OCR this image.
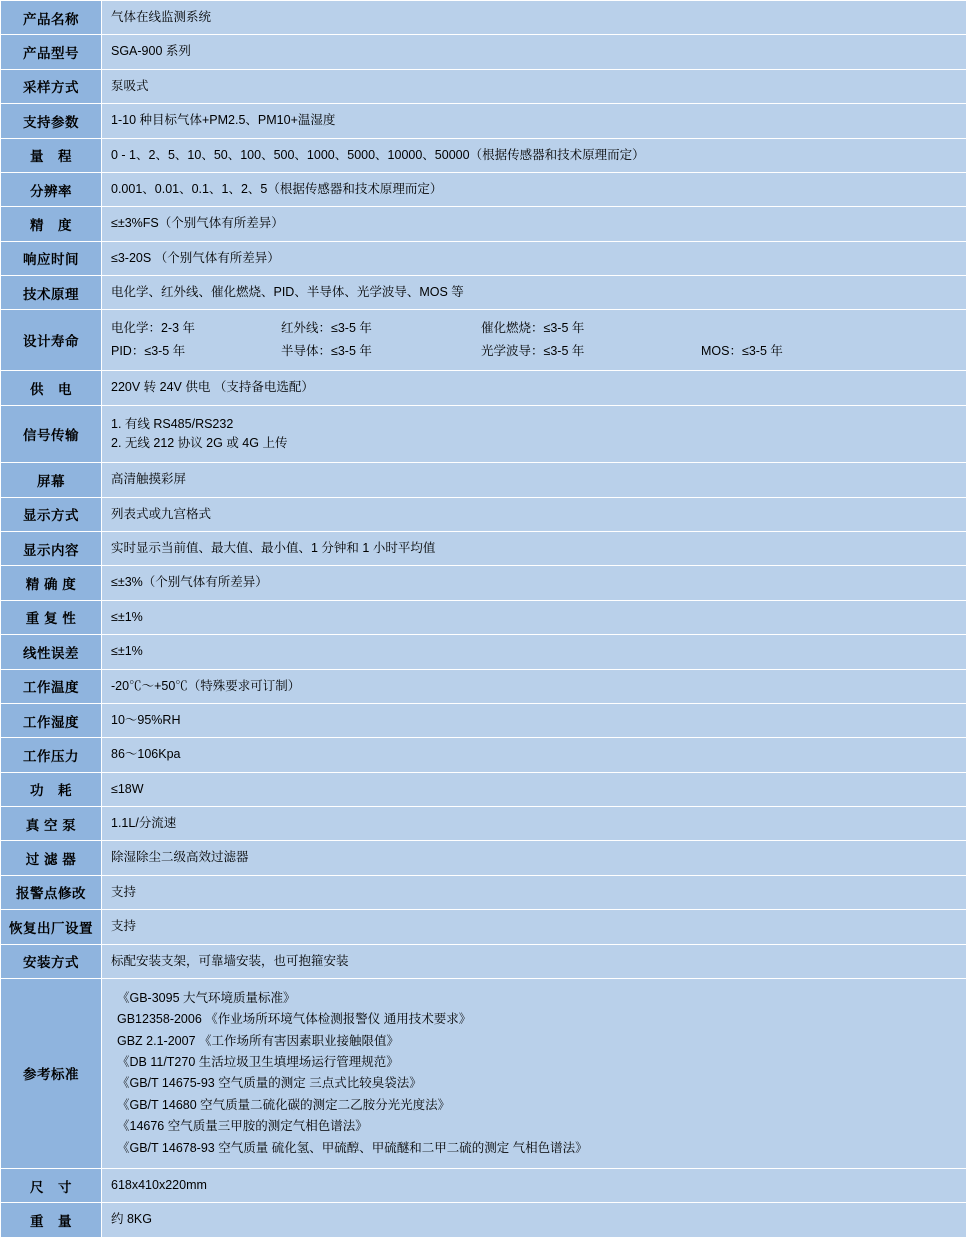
产品名称	气体在线监测系统
产品型号	SGA-900 系列
采样方式	泵吸式
支持参数	1-10 种目标气体+PM2.5、PM10+温湿度
量　程	0 - 1、2、5、10、50、100、500、1000、5000、10000、50000（根据传感器和技术原理而定）
分辨率	0.001、0.01、0.1、1、2、5（根据传感器和技术原理而定）
精　度	≤±3%FS（个别气体有所差异）
响应时间	≤3-20S （个别气体有所差异）
技术原理	电化学、红外线、催化燃烧、PID、半导体、光学波导、MOS 等
设计寿命	
电化学：2-3 年	红外线：≤3-5 年	催化燃烧：≤3-5 年
PID：≤3-5 年	半导体：≤3-5 年	光学波导：≤3-5 年	MOS：≤3-5 年

供　电	220V 转 24V 供电 （支持备电选配）
信号传输	1. 有线 RS485/RS232
2. 无线 212 协议 2G 或 4G 上传

屏幕	高清触摸彩屏
显示方式	列表式或九宫格式
显示内容	实时显示当前值、最大值、最小值、1 分钟和 1 小时平均值
精 确 度	≤±3%（个别气体有所差异）
重 复 性	≤±1%
线性误差	≤±1%
工作温度	-20℃～+50℃（特殊要求可订制）
工作湿度	10～95%RH
工作压力	86～106Kpa
功　耗	≤18W
真 空 泵	1.1L/分流速
过 滤 器	除湿除尘二级高效过滤器
报警点修改	支持
恢复出厂设置	支持
安装方式	标配安装支架，可靠墙安装，也可抱箍安装
参考标准	
《GB-3095 大气环境质量标准》
GB12358-2006 《作业场所环境气体检测报警仪 通用技术要求》
GBZ 2.1-2007 《工作场所有害因素职业接触限值》
《DB 11/T270 生活垃圾卫生填埋场运行管理规范》
《GB/T 14675-93 空气质量的测定 三点式比较臭袋法》
《GB/T 14680 空气质量二硫化碳的测定二乙胺分光光度法》
《14676 空气质量三甲胺的测定气相色谱法》
《GB/T 14678-93 空气质量 硫化氢、甲硫醇、甲硫醚和二甲二硫的测定 气相色谱法》

尺　寸	618x410x220mm
重　量	约 8KG
